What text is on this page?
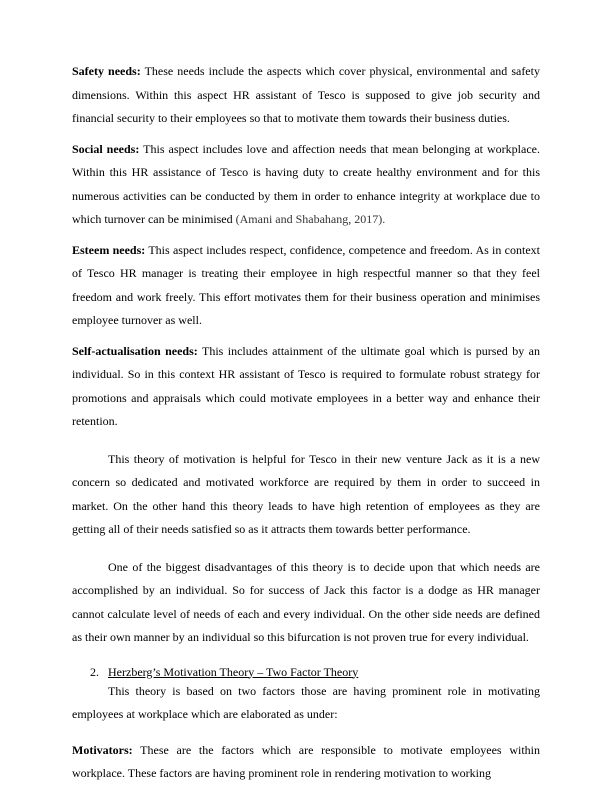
Safety needs: These needs include the aspects which cover physical, environmental and safety dimensions. Within this aspect HR assistant of Tesco is supposed to give job security and financial security to their employees so that to motivate them towards their business duties.

Social needs: This aspect includes love and affection needs that mean belonging at workplace. Within this HR assistance of Tesco is having duty to create healthy environment and for this numerous activities can be conducted by them in order to enhance integrity at workplace due to which turnover can be minimised (Amani and Shabahang, 2017).

Esteem needs: This aspect includes respect, confidence, competence and freedom. As in context of Tesco HR manager is treating their employee in high respectful manner so that they feel freedom and work freely. This effort motivates them for their business operation and minimises employee turnover as well.

Self-actualisation needs: This includes attainment of the ultimate goal which is pursed by an individual. So in this context HR assistant of Tesco is required to formulate robust strategy for promotions and appraisals which could motivate employees in a better way and enhance their retention.

This theory of motivation is helpful for Tesco in their new venture Jack as it is a new concern so dedicated and motivated workforce are required by them in order to succeed in market. On the other hand this theory leads to have high retention of employees as they are getting all of their needs satisfied so as it attracts them towards better performance.

One of the biggest disadvantages of this theory is to decide upon that which needs are accomplished by an individual. So for success of Jack this factor is a dodge as HR manager cannot calculate level of needs of each and every individual. On the other side needs are defined as their own manner by an individual so this bifurcation is not proven true for every individual.

2. Herzberg’s Motivation Theory – Two Factor Theory

This theory is based on two factors those are having prominent role in motivating employees at workplace which are elaborated as under:

Motivators: These are the factors which are responsible to motivate employees within workplace. These factors are having prominent role in rendering motivation to working
